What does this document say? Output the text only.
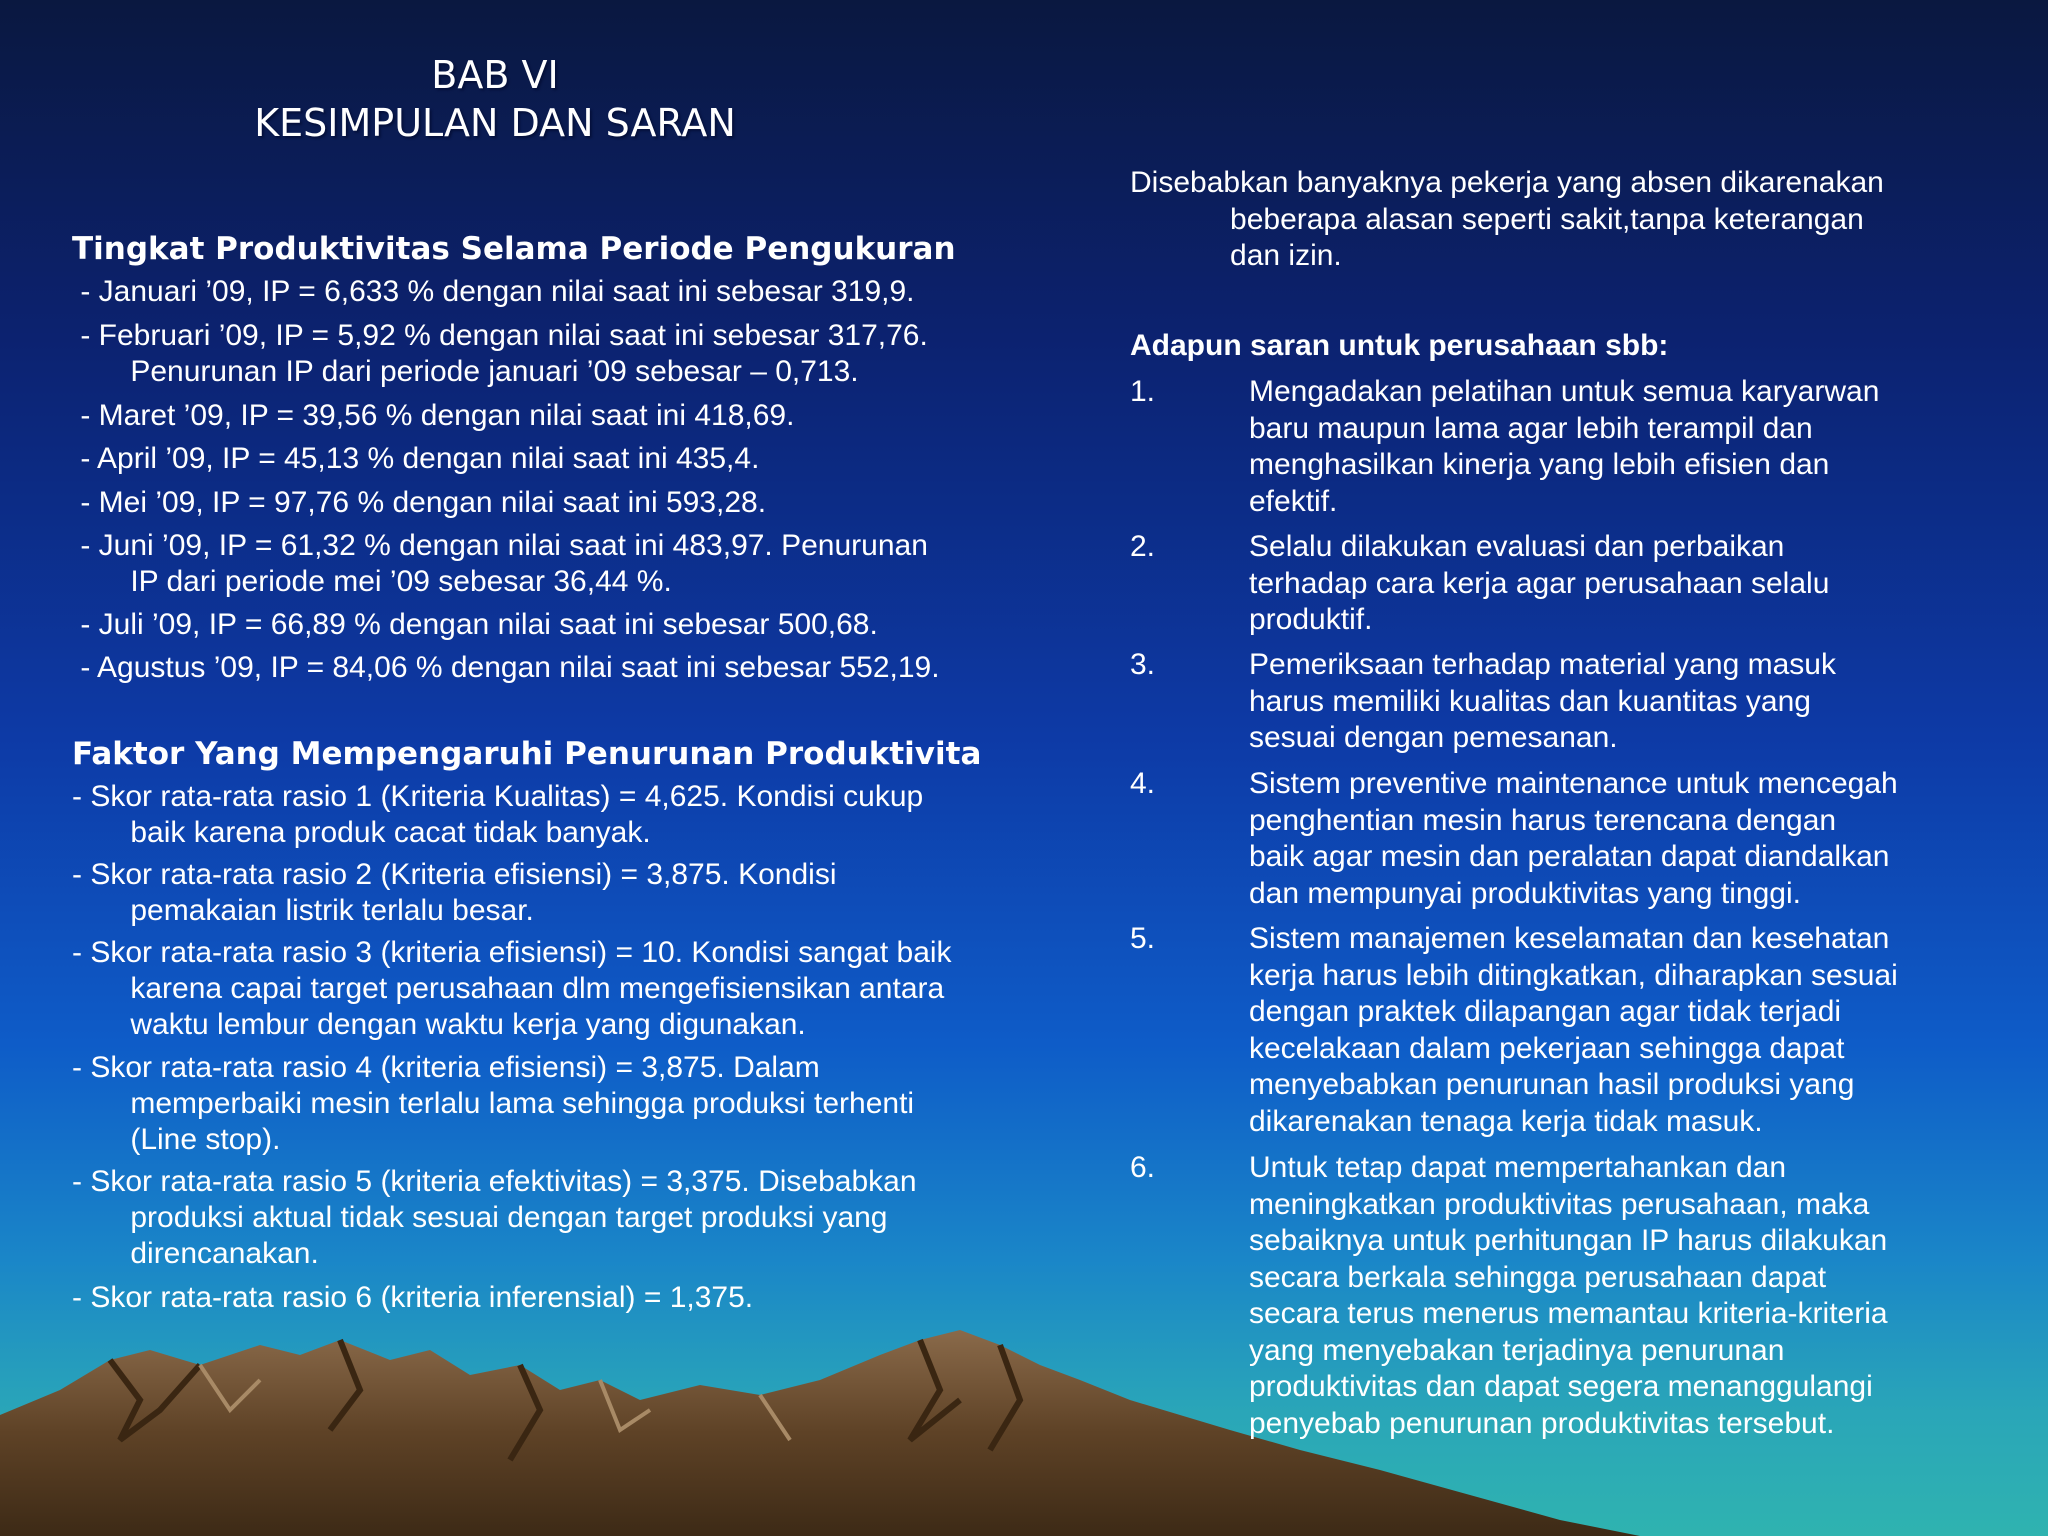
BAB VI
KESIMPULAN DAN SARAN
Tingkat Produktivitas Selama Periode Pengukuran
- Januari ’09, IP = 6,633 % dengan nilai saat ini sebesar 319,9.
- Februari ’09, IP = 5,92 % dengan nilai saat ini sebesar 317,76.
Penurunan IP dari periode januari ’09 sebesar – 0,713.
- Maret ’09, IP = 39,56 % dengan nilai saat ini 418,69.
- April ’09, IP = 45,13 % dengan nilai saat ini 435,4.
- Mei ’09, IP = 97,76 % dengan nilai saat ini 593,28.
- Juni ’09, IP = 61,32 % dengan nilai saat ini 483,97. Penurunan
IP dari periode mei ’09 sebesar 36,44 %.
- Juli ’09, IP = 66,89 % dengan nilai saat ini sebesar 500,68.
- Agustus ’09, IP = 84,06 % dengan nilai saat ini sebesar 552,19.
Faktor Yang Mempengaruhi Penurunan Produktivita
- Skor rata-rata rasio 1 (Kriteria Kualitas) = 4,625. Kondisi cukup
baik karena produk cacat tidak banyak.
- Skor rata-rata rasio 2 (Kriteria efisiensi) = 3,875. Kondisi
pemakaian listrik terlalu besar.
- Skor rata-rata rasio 3 (kriteria efisiensi) = 10. Kondisi sangat baik
karena capai target perusahaan dlm mengefisiensikan antara
waktu lembur dengan waktu kerja yang digunakan.
- Skor rata-rata rasio 4 (kriteria efisiensi) = 3,875. Dalam
memperbaiki mesin terlalu lama sehingga produksi terhenti
(Line stop).
- Skor rata-rata rasio 5 (kriteria efektivitas) = 3,375. Disebabkan
produksi aktual tidak sesuai dengan target produksi yang
direncanakan.
- Skor rata-rata rasio 6 (kriteria inferensial) = 1,375.
Disebabkan banyaknya pekerja yang absen dikarenakan
beberapa alasan seperti sakit,tanpa keterangan
dan izin.
Adapun saran untuk perusahaan sbb:
1.	Mengadakan pelatihan untuk semua karyarwan
baru maupun lama agar lebih terampil dan
menghasilkan kinerja yang lebih efisien dan
efektif.
2.	Selalu dilakukan evaluasi dan perbaikan
terhadap cara kerja agar perusahaan selalu
produktif.
3.	Pemeriksaan terhadap material yang masuk
harus memiliki kualitas dan kuantitas yang
sesuai dengan pemesanan.
4.	Sistem preventive maintenance untuk mencegah
penghentian mesin harus terencana dengan
baik agar mesin dan peralatan dapat diandalkan
dan mempunyai produktivitas yang tinggi.
5.	Sistem manajemen keselamatan dan kesehatan
kerja harus lebih ditingkatkan, diharapkan sesuai
dengan praktek dilapangan agar tidak terjadi
kecelakaan dalam pekerjaan sehingga dapat
menyebabkan penurunan hasil produksi yang
dikarenakan tenaga kerja tidak masuk.
6.	Untuk tetap dapat mempertahankan dan
meningkatkan produktivitas perusahaan, maka
sebaiknya untuk perhitungan IP harus dilakukan
secara berkala sehingga perusahaan dapat
secara terus menerus memantau kriteria-kriteria
yang menyebakan terjadinya penurunan
produktivitas dan dapat segera menanggulangi
penyebab penurunan produktivitas tersebut.
